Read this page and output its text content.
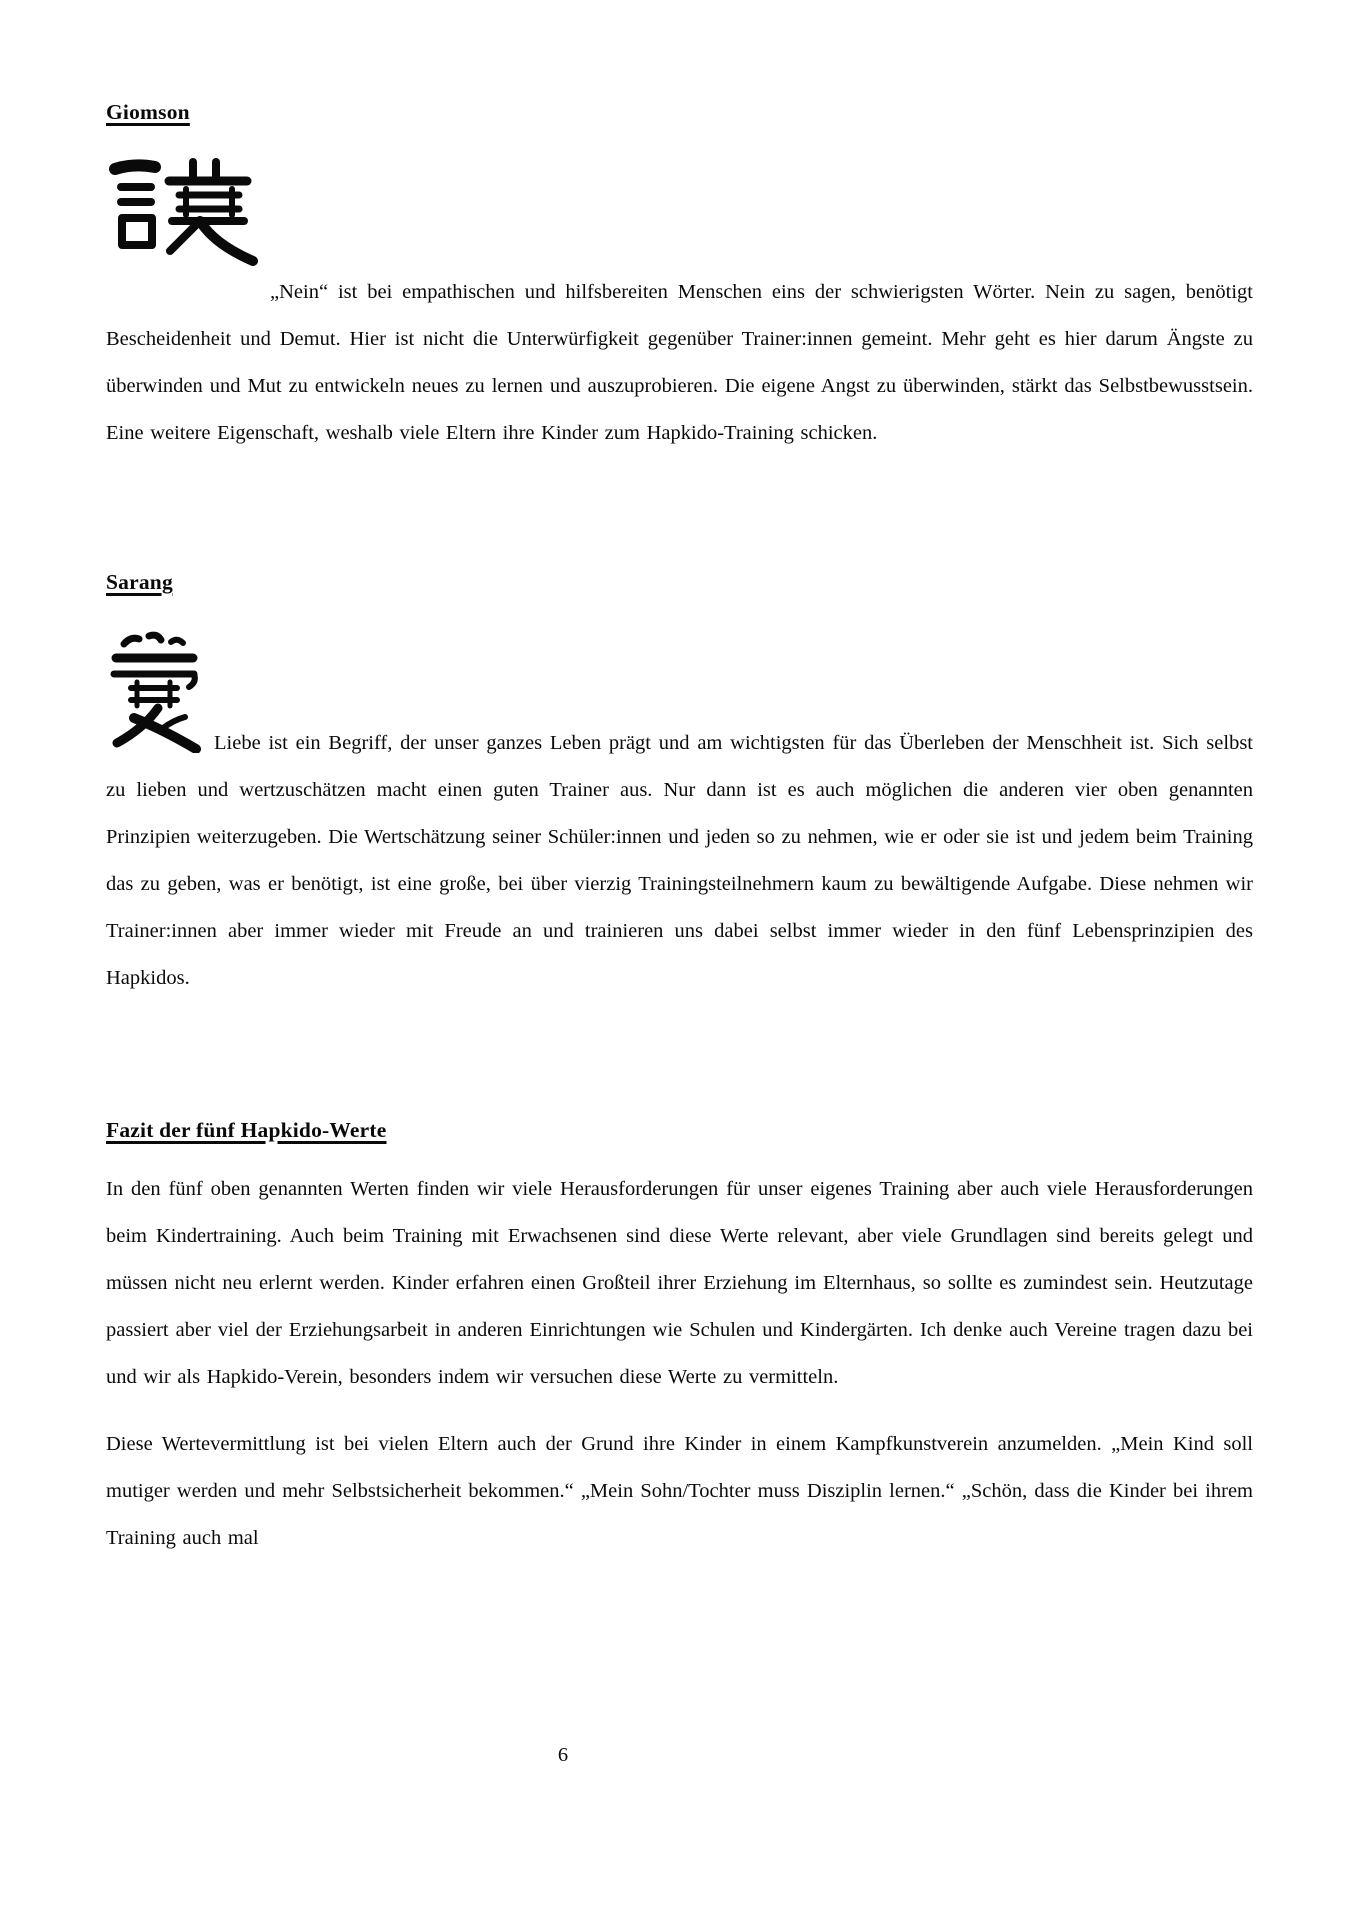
Giomson

„Nein“ ist bei empathischen und hilfsbereiten Menschen eins der schwierigsten Wörter. Nein zu sagen, benötigt Bescheidenheit und Demut. Hier ist nicht die Unterwürfigkeit gegenüber Trainer:innen gemeint. Mehr geht es hier darum Ängste zu überwinden und Mut zu entwickeln neues zu lernen und auszuprobieren. Die eigene Angst zu überwinden, stärkt das Selbstbewusstsein. Eine weitere Eigenschaft, weshalb viele Eltern ihre Kinder zum Hapkido-Training schicken.

Sarang

Liebe ist ein Begriff, der unser ganzes Leben prägt und am wichtigsten für das Überleben der Menschheit ist. Sich selbst zu lieben und wertzuschätzen macht einen guten Trainer aus. Nur dann ist es auch möglichen die anderen vier oben genannten Prinzipien weiterzugeben. Die Wertschätzung seiner Schüler:innen und jeden so zu nehmen, wie er oder sie ist und jedem beim Training das zu geben, was er benötigt, ist eine große, bei über vierzig Trainingsteilnehmern kaum zu bewältigende Aufgabe. Diese nehmen wir Trainer:innen aber immer wieder mit Freude an und trainieren uns dabei selbst immer wieder in den fünf Lebensprinzipien des Hapkidos.

Fazit der fünf Hapkido-Werte

In den fünf oben genannten Werten finden wir viele Herausforderungen für unser eigenes Training aber auch viele Herausforderungen beim Kindertraining. Auch beim Training mit Erwachsenen sind diese Werte relevant, aber viele Grundlagen sind bereits gelegt und müssen nicht neu erlernt werden. Kinder erfahren einen Großteil ihrer Erziehung im Elternhaus, so sollte es zumindest sein. Heutzutage passiert aber viel der Erziehungsarbeit in anderen Einrichtungen wie Schulen und Kindergärten. Ich denke auch Vereine tragen dazu bei und wir als Hapkido-Verein, besonders indem wir versuchen diese Werte zu vermitteln.

Diese Wertevermittlung ist bei vielen Eltern auch der Grund ihre Kinder in einem Kampfkunstverein anzumelden. „Mein Kind soll mutiger werden und mehr Selbstsicherheit bekommen.“ „Mein Sohn/Tochter muss Disziplin lernen.“ „Schön, dass die Kinder bei ihrem Training auch mal

6
